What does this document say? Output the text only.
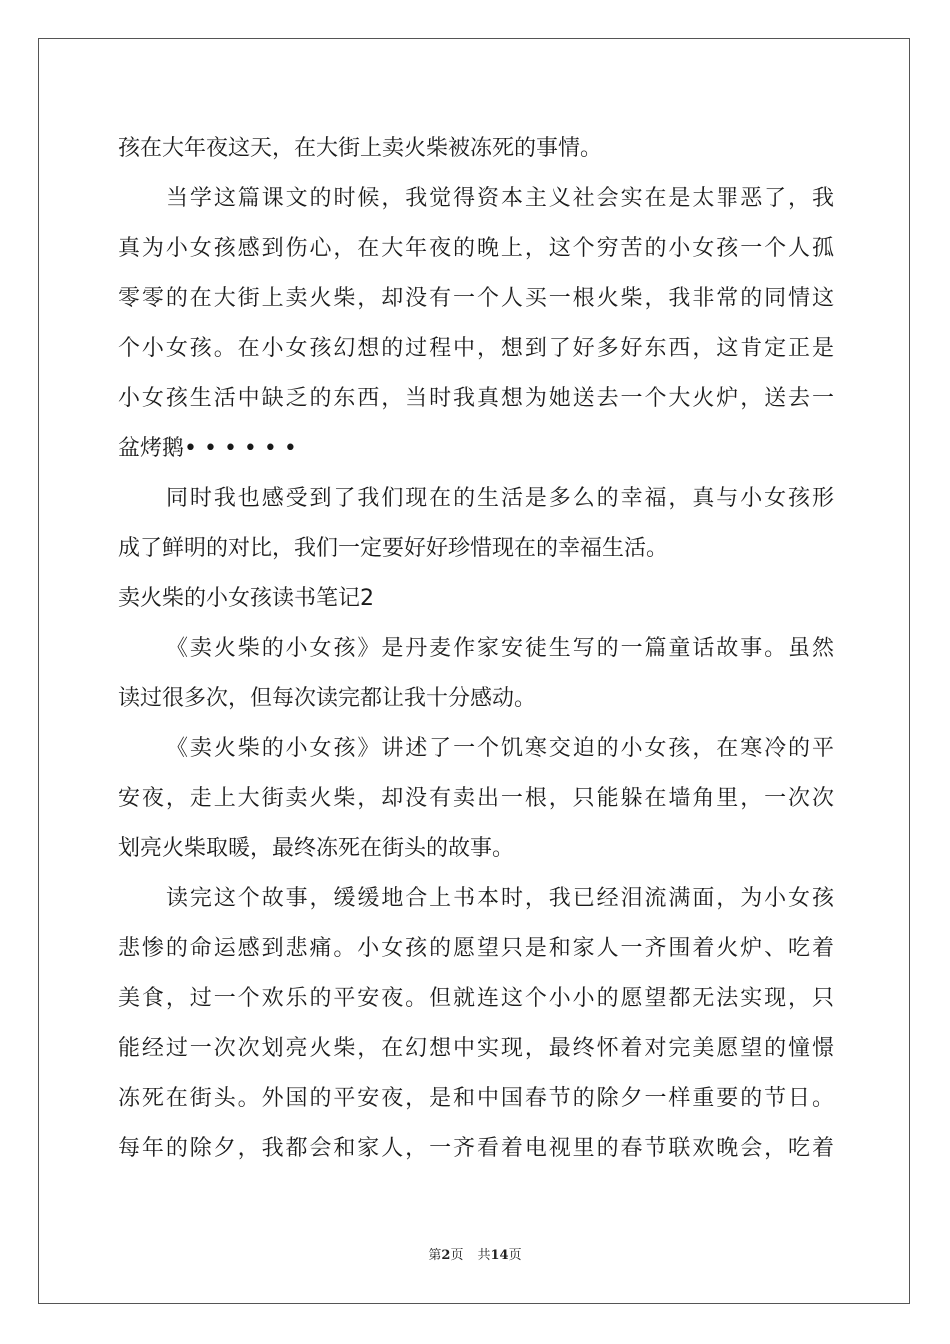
孩在大年夜这天，在大街上卖火柴被冻死的事情。
当学这篇课文的时候，我觉得资本主义社会实在是太罪恶了，我
真为小女孩感到伤心，在大年夜的晚上，这个穷苦的小女孩一个人孤
零零的在大街上卖火柴，却没有一个人买一根火柴，我非常的同情这
个小女孩。在小女孩幻想的过程中，想到了好多好东西，这肯定正是
小女孩生活中缺乏的东西，当时我真想为她送去一个大火炉，送去一
盆烤鹅• • • • • •
同时我也感受到了我们现在的生活是多么的幸福，真与小女孩形
成了鲜明的对比，我们一定要好好珍惜现在的幸福生活。
卖火柴的小女孩读书笔记2
《卖火柴的小女孩》是丹麦作家安徒生写的一篇童话故事。虽然
读过很多次，但每次读完都让我十分感动。
《卖火柴的小女孩》讲述了一个饥寒交迫的小女孩，在寒冷的平
安夜，走上大街卖火柴，却没有卖出一根，只能躲在墙角里，一次次
划亮火柴取暖，最终冻死在街头的故事。
读完这个故事，缓缓地合上书本时，我已经泪流满面，为小女孩
悲惨的命运感到悲痛。小女孩的愿望只是和家人一齐围着火炉、吃着
美食，过一个欢乐的平安夜。但就连这个小小的愿望都无法实现，只
能经过一次次划亮火柴，在幻想中实现，最终怀着对完美愿望的憧憬
冻死在街头。外国的平安夜，是和中国春节的除夕一样重要的节日。
每年的除夕，我都会和家人，一齐看着电视里的春节联欢晚会，吃着
第2页 共14页
